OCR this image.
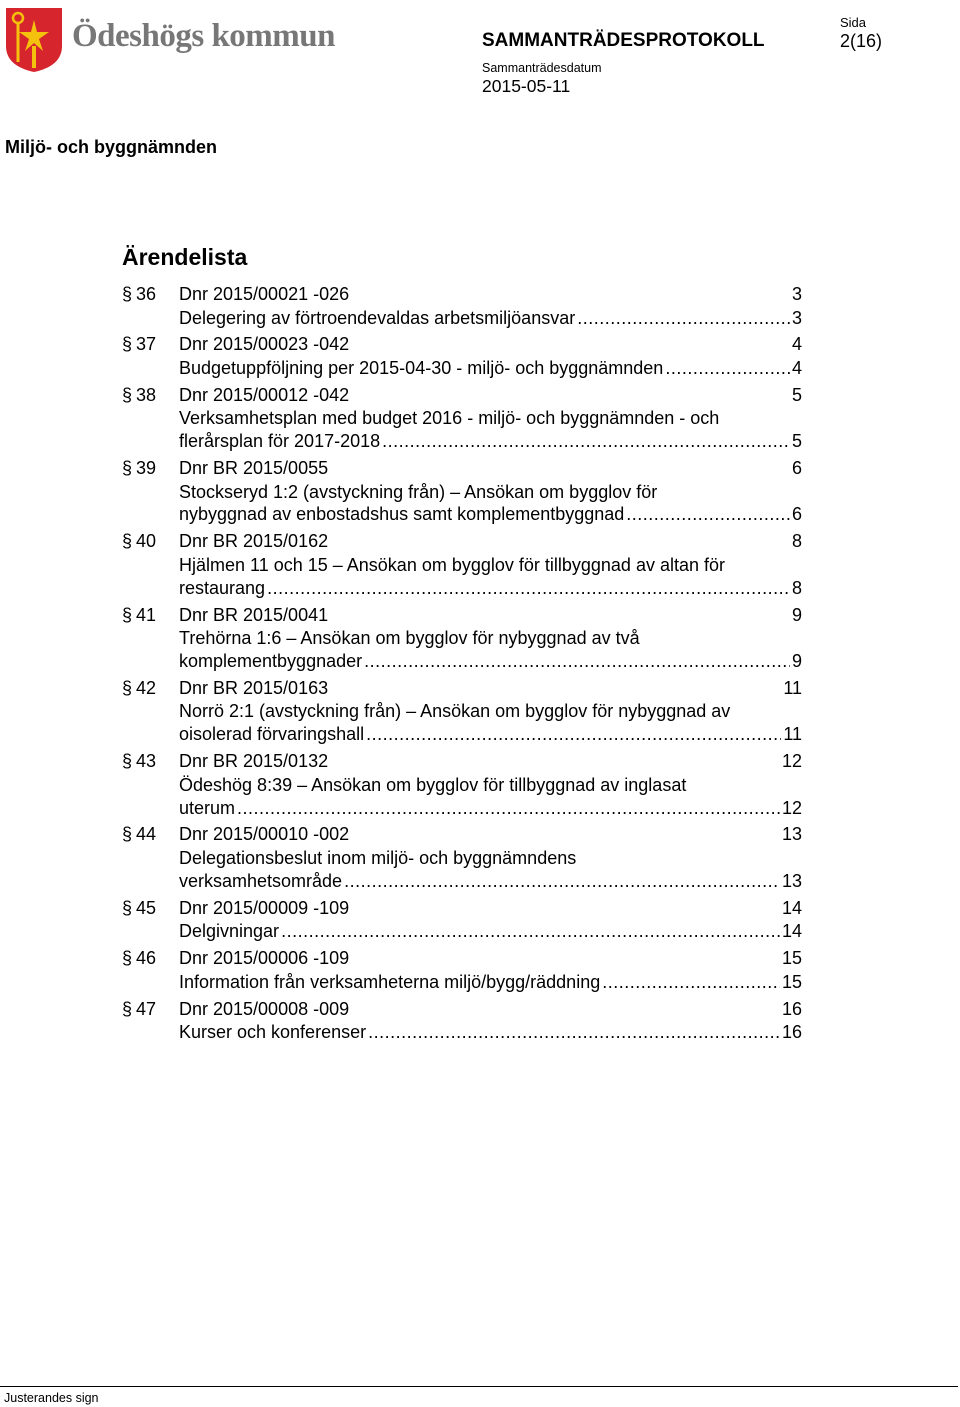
Ödeshögs kommun	SAMMANTRÄDESPROTOKOLL
Sammanträdesdatum
2015-05-11
Sida
2(16)
Miljö- och byggnämnden
Ärendelista
§ 36 Dnr 2015/00021 -026	3
Delegering av förtroendevaldas arbetsmiljöansvar .....	3
§ 37 Dnr 2015/00023 -042	4
Budgetuppföljning per 2015-04-30 - miljö- och byggnämnden .....	4
§ 38 Dnr 2015/00012 -042	5
Verksamhetsplan med budget 2016 - miljö- och byggnämnden - och
flerårsplan för 2017-2018 .....	5
§ 39 Dnr BR 2015/0055	6
Stockseryd 1:2 (avstyckning från) – Ansökan om bygglov för
nybyggnad av enbostadshus samt komplementbyggnad .....	6
§ 40 Dnr BR 2015/0162	8
Hjälmen 11 och 15 – Ansökan om bygglov för tillbyggnad av altan för
restaurang .....	8
§ 41 Dnr BR 2015/0041	9
Trehörna 1:6 – Ansökan om bygglov för nybyggnad av två
komplementbyggnader .....	9
§ 42 Dnr BR 2015/0163	11
Norrö 2:1 (avstyckning från) – Ansökan om bygglov för nybyggnad av
oisolerad förvaringshall .....	11
§ 43 Dnr BR 2015/0132	12
Ödeshög 8:39 – Ansökan om bygglov för tillbyggnad av inglasat
uterum .....	12
§ 44 Dnr 2015/00010 -002	13
Delegationsbeslut inom miljö- och byggnämndens
verksamhetsområde .....	13
§ 45 Dnr 2015/00009 -109	14
Delgivningar .....	14
§ 46 Dnr 2015/00006 -109	15
Information från verksamheterna miljö/bygg/räddning .....	15
§ 47 Dnr 2015/00008 -009	16
Kurser och konferenser .....	16
Justerandes sign
